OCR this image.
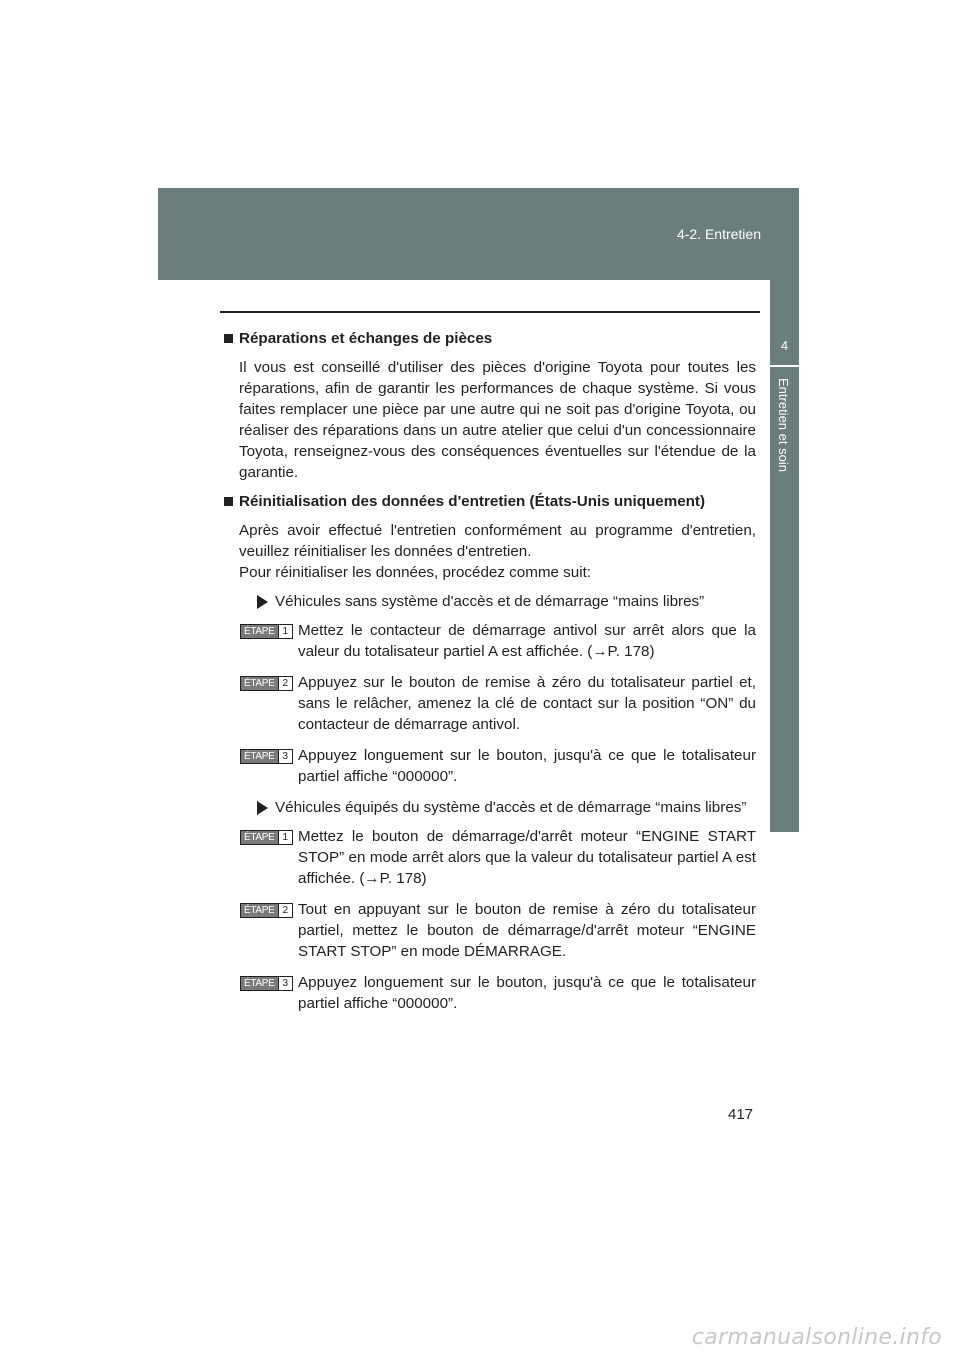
4-2. Entretien
4
Entretien et soin
Réparations et échanges de pièces

Il vous est conseillé d'utiliser des pièces d'origine Toyota pour toutes les réparations, afin de garantir les performances de chaque système. Si vous faites remplacer une pièce par une autre qui ne soit pas d'origine Toyota, ou réaliser des réparations dans un autre atelier que celui d'un concessionnaire Toyota, renseignez-vous des conséquences éventuelles sur l'étendue de la garantie.

Réinitialisation des données d'entretien (États-Unis uniquement)

Après avoir effectué l'entretien conformément au programme d'entretien, veuillez réinitialiser les données d'entretien.

Pour réinitialiser les données, procédez comme suit:

Véhicules sans système d'accès et de démarrage “mains libres”
ÉTAPE 1 Mettez le contacteur de démarrage antivol sur arrêt alors que la valeur du totalisateur partiel A est affichée. (→P. 178)
ÉTAPE 2 Appuyez sur le bouton de remise à zéro du totalisateur partiel et, sans le relâcher, amenez la clé de contact sur la position “ON” du contacteur de démarrage antivol.
ÉTAPE 3 Appuyez longuement sur le bouton, jusqu'à ce que le totalisateur partiel affiche “000000”.
Véhicules équipés du système d'accès et de démarrage “mains libres”
ÉTAPE 1 Mettez le bouton de démarrage/d'arrêt moteur “ENGINE START STOP” en mode arrêt alors que la valeur du totalisateur partiel A est affichée. (→P. 178)
ÉTAPE 2 Tout en appuyant sur le bouton de remise à zéro du totalisateur partiel, mettez le bouton de démarrage/d'arrêt moteur “ENGINE START STOP” en mode DÉMARRAGE.
ÉTAPE 3 Appuyez longuement sur le bouton, jusqu'à ce que le totalisateur partiel affiche “000000”.
417
carmanualsonline.info
